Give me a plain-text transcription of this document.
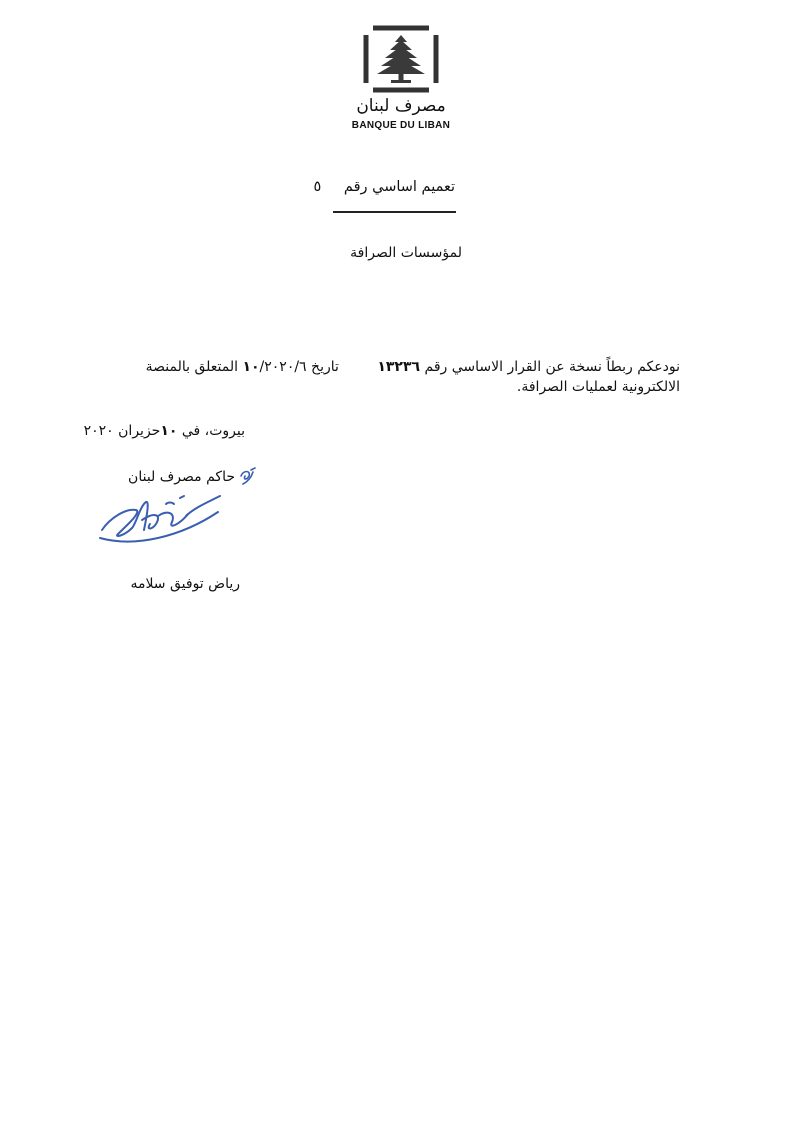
مصرف لبنان
BANQUE DU LIBAN
تعميم اساسي رقم ٥
لمؤسسات الصرافة
نودعكم ربطاً نسخة عن القرار الاساسي رقم ١٣٢٣٦ تاريخ ١٠/٢٠٢٠/٦ المتعلق بالمنصة
الالكترونية لعمليات الصرافة.
بيروت، في ١٠حزيران ٢٠٢٠
حاكم مصرف لبنان
رياض توفيق سلامه
